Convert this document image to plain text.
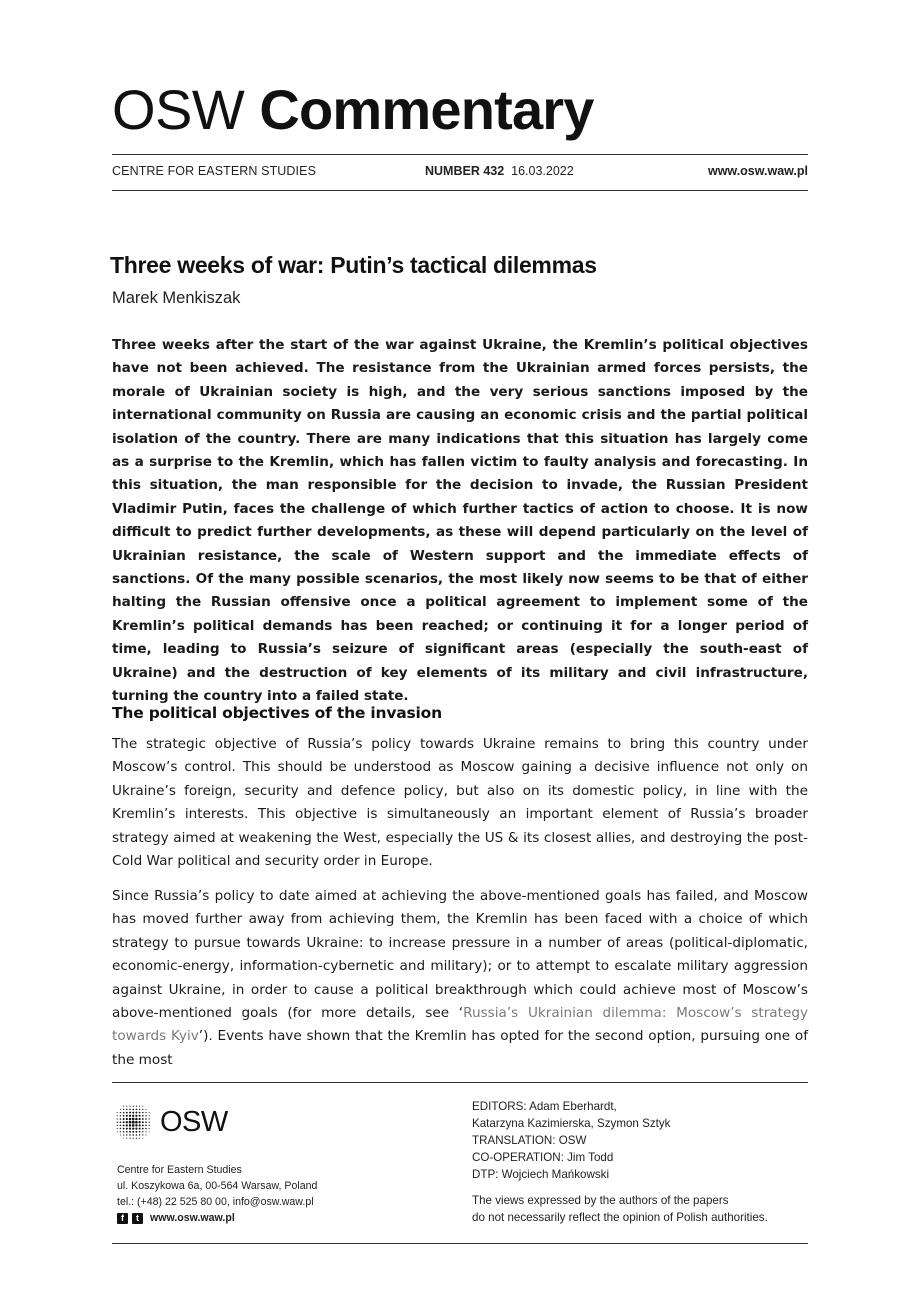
OSW Commentary
CENTRE FOR EASTERN STUDIES	NUMBER 432 16.03.2022	www.osw.waw.pl
Three weeks of war: Putin’s tactical dilemmas
Marek Menkiszak

Three weeks after the start of the war against Ukraine, the Kremlin’s political objectives have not been achieved. The resistance from the Ukrainian armed forces persists, the morale of Ukrainian society is high, and the very serious sanctions imposed by the international community on Russia are causing an economic crisis and the partial political isolation of the country. There are many indications that this situation has largely come as a surprise to the Kremlin, which has fallen victim to faulty analysis and forecasting. In this situation, the man responsible for the decision to invade, the Russian President Vladimir Putin, faces the challenge of which further tactics of action to choose. It is now difficult to predict further developments, as these will depend particularly on the level of Ukrainian resistance, the scale of Western support and the immediate effects of sanctions. Of the many possible scenarios, the most likely now seems to be that of either halting the Russian offensive once a political agreement to implement some of the Kremlin’s political demands has been reached; or continuing it for a longer period of time, leading to Russia’s seizure of significant areas (especially the south-east of Ukraine) and the destruction of key elements of its military and civil infrastructure, turning the country into a failed state.

The political objectives of the invasion

The strategic objective of Russia’s policy towards Ukraine remains to bring this country under Moscow’s control. This should be understood as Moscow gaining a decisive influence not only on Ukraine’s foreign, security and defence policy, but also on its domestic policy, in line with the Kremlin’s interests. This objective is simultaneously an important element of Russia’s broader strategy aimed at weakening the West, especially the US & its closest allies, and destroying the post-Cold War political and security order in Europe.

Since Russia’s policy to date aimed at achieving the above-mentioned goals has failed, and Moscow has moved further away from achieving them, the Kremlin has been faced with a choice of which strategy to pursue towards Ukraine: to increase pressure in a number of areas (political-diplomatic, economic-energy, information-cybernetic and military); or to attempt to escalate military aggression against Ukraine, in order to cause a political breakthrough which could achieve most of Moscow’s above-mentioned goals (for more details, see ‘Russia’s Ukrainian dilemma: Moscow’s strategy towards Kyiv’). Events have shown that the Kremlin has opted for the second option, pursuing one of the most

OSW
Centre for Eastern Studies
ul. Koszykowa 6a, 00-564 Warsaw, Poland
tel.: (+48) 22 525 80 00, info@osw.waw.pl
f	t	www.osw.waw.pl
EDITORS: Adam Eberhardt,
Katarzyna Kazimierska, Szymon Sztyk
TRANSLATION: OSW
CO-OPERATION: Jim Todd
DTP: Wojciech Mańkowski
The views expressed by the authors of the papers
do not necessarily reflect the opinion of Polish authorities.
